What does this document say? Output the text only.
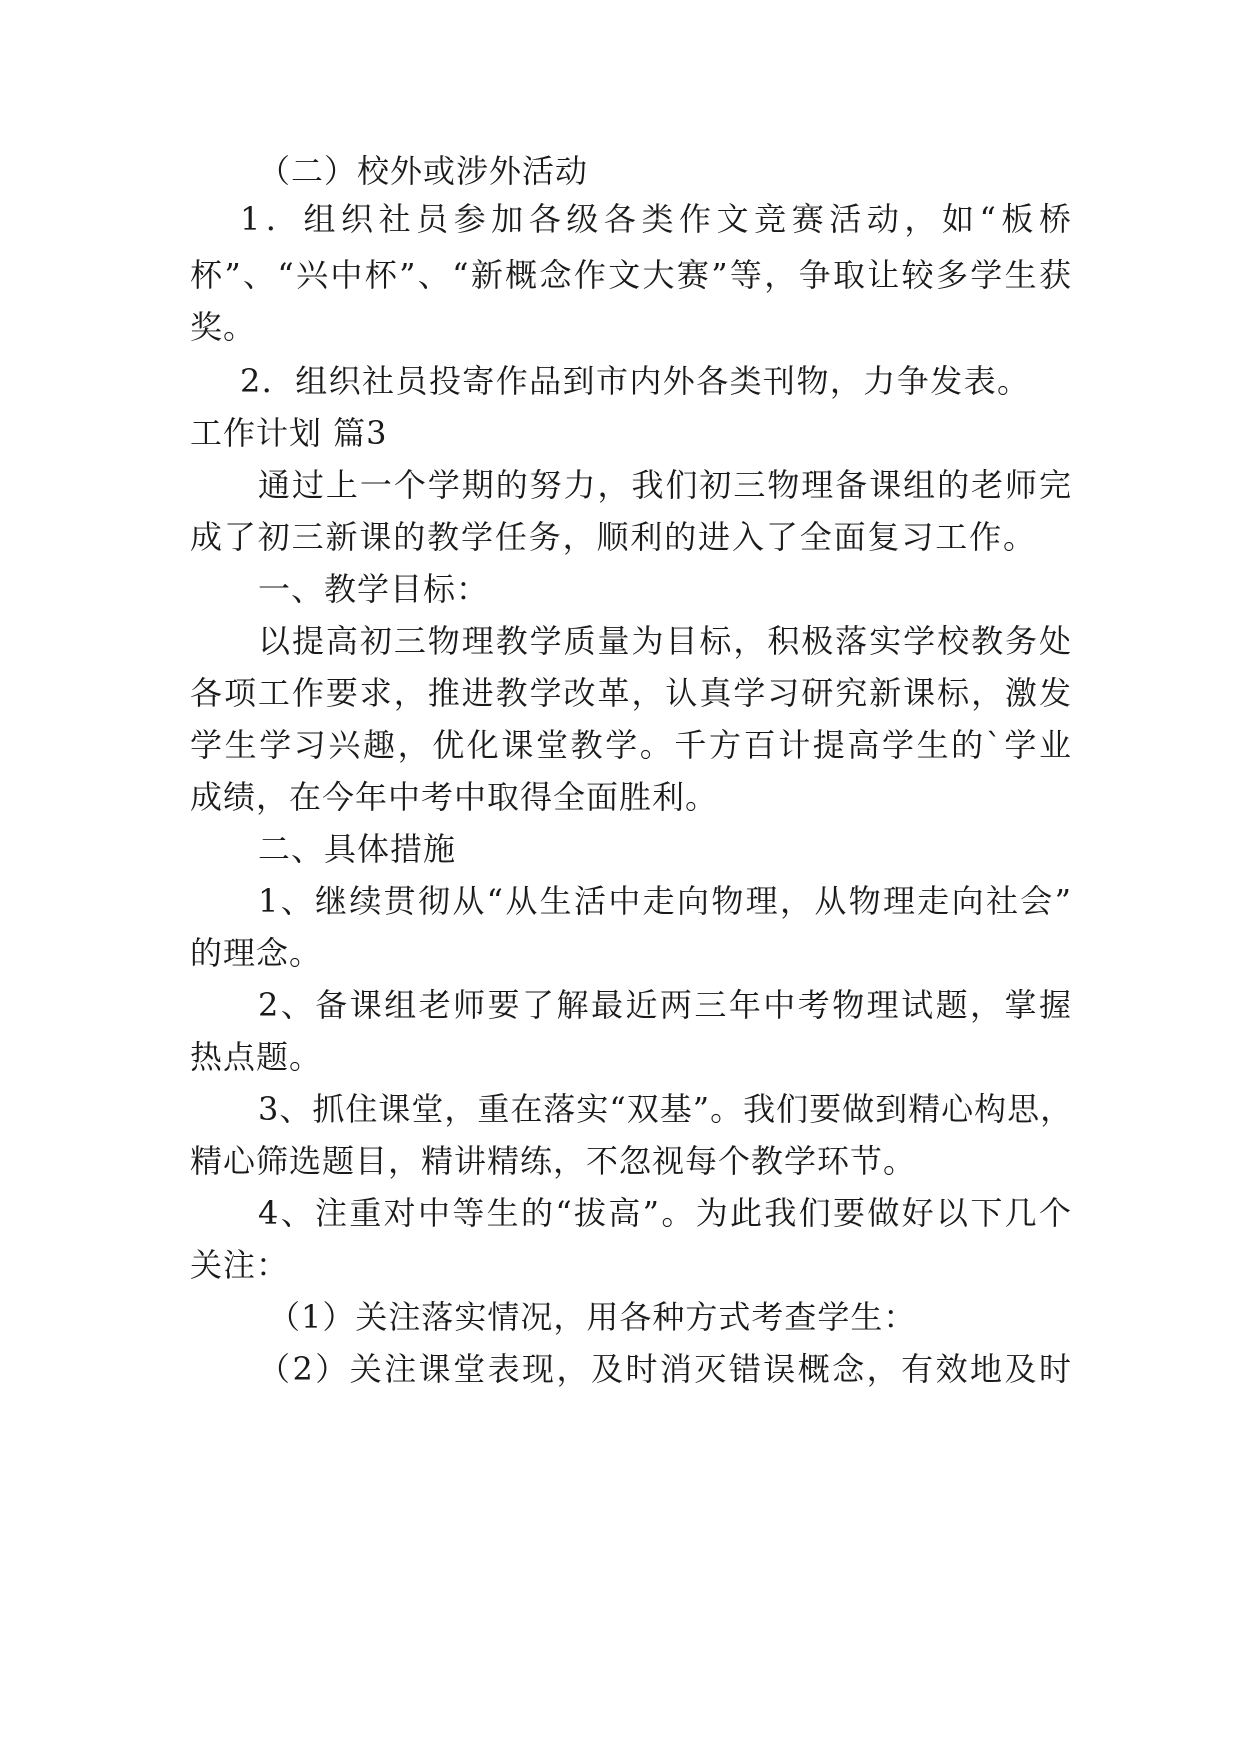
（二）校外或涉外活动
1．组织社员参加各级各类作文竞赛活动，如“板桥
杯”、“兴中杯”、“新概念作文大赛”等，争取让较多学生获
奖。
2．组织社员投寄作品到市内外各类刊物，力争发表。
工作计划 篇3
通过上一个学期的努力，我们初三物理备课组的老师完
成了初三新课的教学任务，顺利的进入了全面复习工作。
一、教学目标：
以提高初三物理教学质量为目标，积极落实学校教务处
各项工作要求，推进教学改革，认真学习研究新课标，激发
学生学习兴趣，优化课堂教学。千方百计提高学生的`学业
成绩，在今年中考中取得全面胜利。
二、具体措施
1、继续贯彻从“从生活中走向物理，从物理走向社会”
的理念。
2、备课组老师要了解最近两三年中考物理试题，掌握
热点题。
3、抓住课堂，重在落实“双基”。我们要做到精心构思，
精心筛选题目，精讲精练，不忽视每个教学环节。
4、注重对中等生的“拔高”。为此我们要做好以下几个
关注：
（1）关注落实情况，用各种方式考查学生：
（2）关注课堂表现，及时消灭错误概念，有效地及时
